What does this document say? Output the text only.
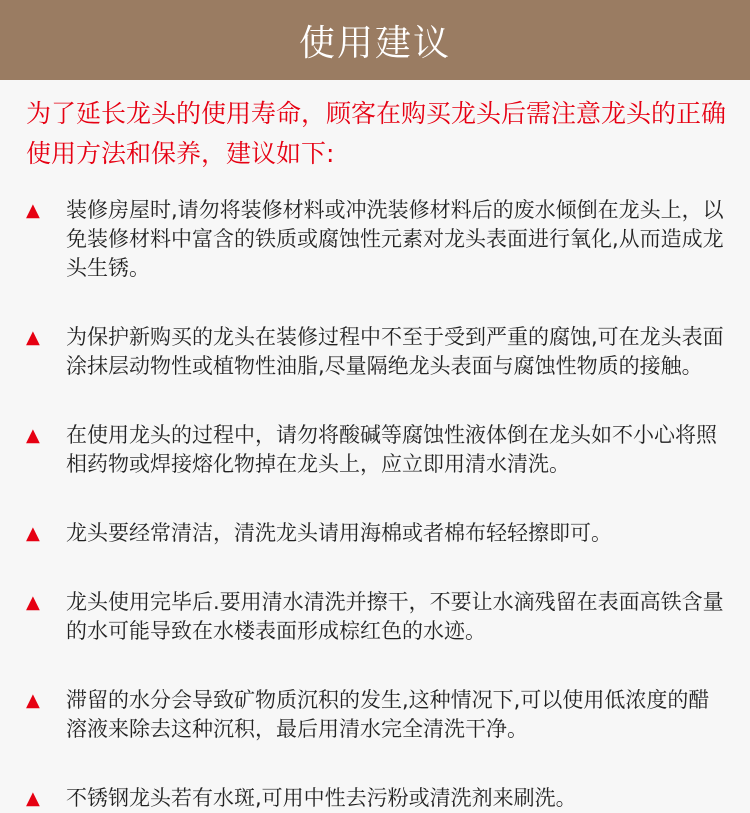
使用建议
为了延长龙头的使用寿命，顾客在购买龙头后需注意龙头的正确使用方法和保养，建议如下:
▲	装修房屋时,请勿将装修材料或冲洗装修材料后的废水倾倒在龙头上，以免装修材料中富含的铁质或腐蚀性元素对龙头表面进行氧化,从而造成龙头生锈。
▲	为保护新购买的龙头在装修过程中不至于受到严重的腐蚀,可在龙头表面涂抹层动物性或植物性油脂,尽量隔绝龙头表面与腐蚀性物质的接触。
▲	在使用龙头的过程中，请勿将酸碱等腐蚀性液体倒在龙头如不小心将照相药物或焊接熔化物掉在龙头上，应立即用清水清洗。
▲	龙头要经常清洁，清洗龙头请用海棉或者棉布轻轻擦即可。
▲	龙头使用完毕后.要用清水清洗并擦干，不要让水滴残留在表面高铁含量的水可能导致在水楼表面形成棕红色的水迹。
▲	滞留的水分会导致矿物质沉积的发生,这种情况下,可以使用低浓度的醋溶液来除去这种沉积，最后用清水完全清洗干净。
▲	不锈钢龙头若有水斑,可用中性去污粉或清洗剂来刷洗。
